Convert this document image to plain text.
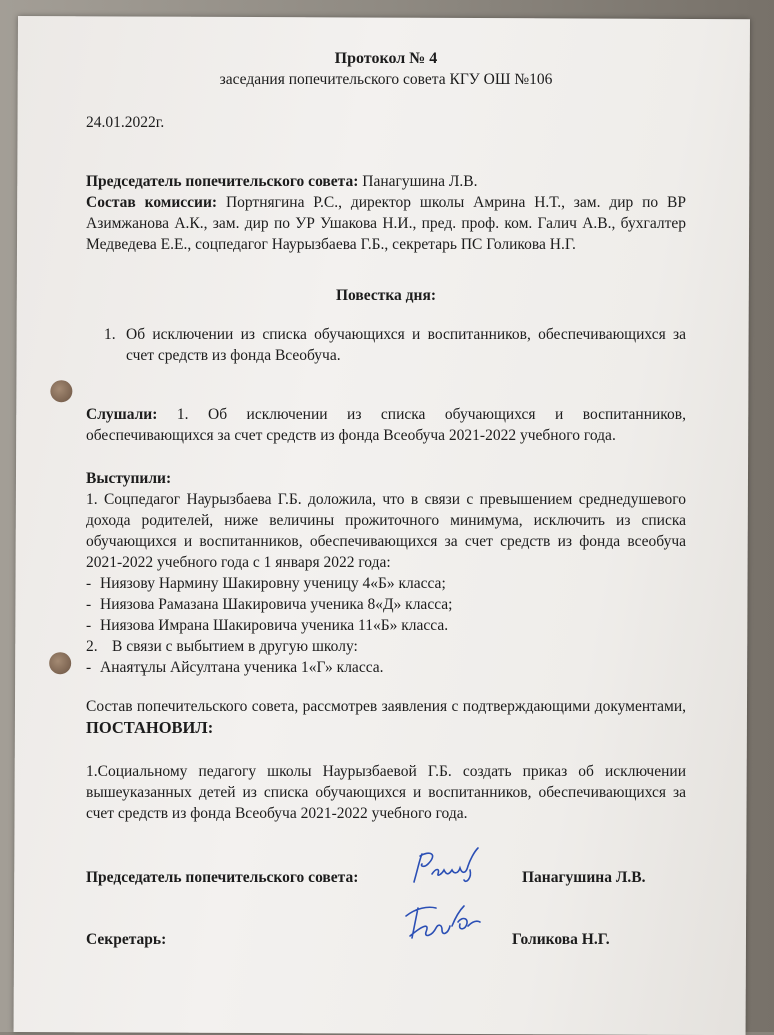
Протокол № 4

заседания попечительского совета КГУ ОШ №106

24.01.2022г.

Председатель попечительского совета: Панагушина Л.В.

Состав комиссии: Портнягина Р.С., директор школы Амрина Н.Т., зам. дир по ВР Азимжанова А.К., зам. дир по УР Ушакова Н.И., пред. проф. ком. Галич А.В., бухгалтер Медведева Е.Е., соцпедагог Наурызбаева Г.Б., секретарь ПС Голикова Н.Г.

Повестка дня:

1. Об исключении из списка обучающихся и воспитанников, обеспечивающихся за счет средств из фонда Всеобуча.

Слушали: 1. Об исключении из списка обучающихся и воспитанников, обеспечивающихся за счет средств из фонда Всеобуча 2021-2022 учебного года.

Выступили:

1. Соцпедагог Наурызбаева Г.Б. доложила, что в связи с превышением среднедушевого дохода родителей, ниже величины прожиточного минимума, исключить из списка обучающихся и воспитанников, обеспечивающихся за счет средств из фонда всеобуча 2021-2022 учебного года с 1 января 2022 года:

- Ниязову Нармину Шакировну ученицу 4«Б» класса;
- Ниязова Рамазана Шакировича ученика 8«Д» класса;
- Ниязова Имрана Шакировича ученика 11«Б» класса.
2. В связи с выбытием в другую школу:
- Анаятұлы Айсултана ученика 1«Г» класса.

Состав попечительского совета, рассмотрев заявления с подтверждающими документами, ПОСТАНОВИЛ:

1.Социальному педагогу школы Наурызбаевой Г.Б. создать приказ об исключении вышеуказанных детей из списка обучающихся и воспитанников, обеспечивающихся за счет средств из фонда Всеобуча 2021-2022 учебного года.

Председатель попечительского совета:	Панагушина Л.В.
Секретарь:	Голикова Н.Г.
